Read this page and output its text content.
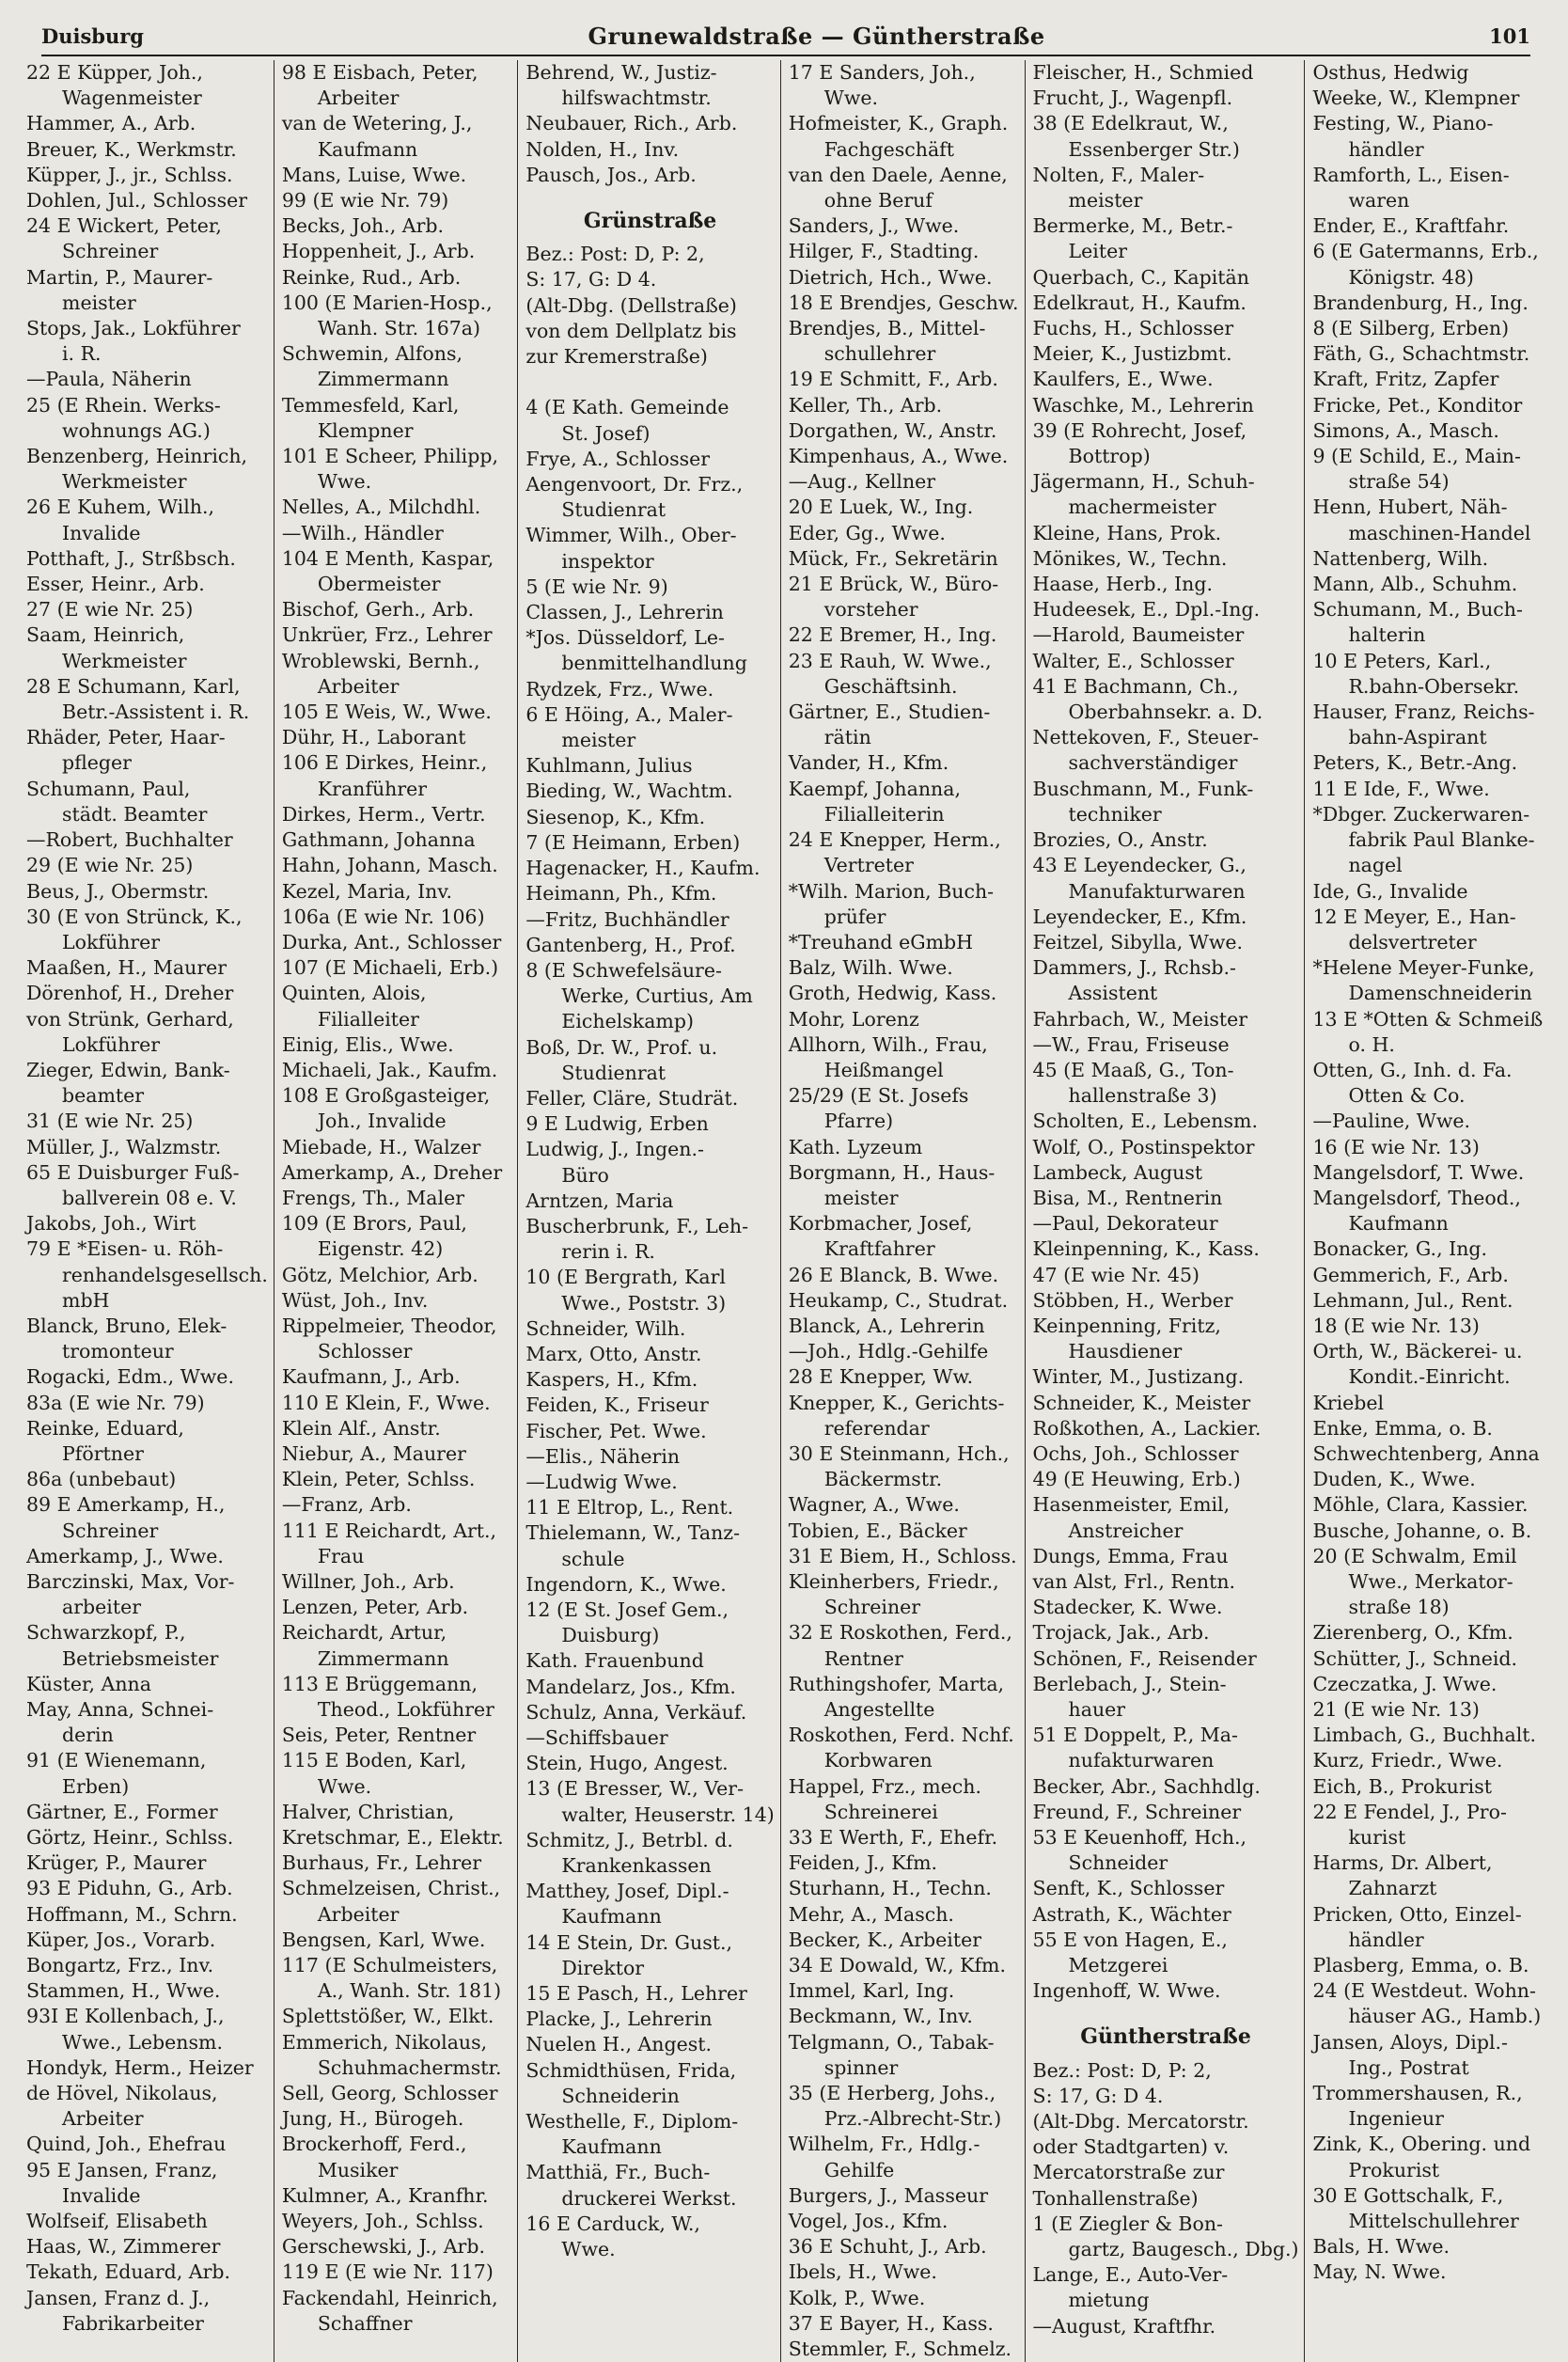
Duisburg	Grunewaldstraße — Güntherstraße	101
22 E Küpper, Joh.,
Wagenmeister
Hammer, A., Arb.
Breuer, K., Werkmstr.
Küpper, J., jr., Schlss.
Dohlen, Jul., Schlosser
24 E Wickert, Peter,
Schreiner
Martin, P., Maurer-
meister
Stops, Jak., Lokführer
i. R.
—Paula, Näherin
25 (E Rhein. Werks-
wohnungs AG.)
Benzenberg, Heinrich,
Werkmeister
26 E Kuhem, Wilh.,
Invalide
Potthaft, J., Strßbsch.
Esser, Heinr., Arb.
27 (E wie Nr. 25)
Saam, Heinrich,
Werkmeister
28 E Schumann, Karl,
Betr.-Assistent i. R.
Rhäder, Peter, Haar-
pfleger
Schumann, Paul,
städt. Beamter
—Robert, Buchhalter
29 (E wie Nr. 25)
Beus, J., Obermstr.
30 (E von Strünck, K.,
Lokführer
Maaßen, H., Maurer
Dörenhof, H., Dreher
von Strünk, Gerhard,
Lokführer
Zieger, Edwin, Bank-
beamter
31 (E wie Nr. 25)
Müller, J., Walzmstr.
65 E Duisburger Fuß-
ballverein 08 e. V.
Jakobs, Joh., Wirt
79 E *Eisen- u. Röh-
renhandelsgesellsch.
mbH
Blanck, Bruno, Elek-
tromonteur
Rogacki, Edm., Wwe.
83a (E wie Nr. 79)
Reinke, Eduard,
Pförtner
86a (unbebaut)
89 E Amerkamp, H.,
Schreiner
Amerkamp, J., Wwe.
Barczinski, Max, Vor-
arbeiter
Schwarzkopf, P.,
Betriebsmeister
Küster, Anna
May, Anna, Schnei-
derin
91 (E Wienemann,
Erben)
Gärtner, E., Former
Görtz, Heinr., Schlss.
Krüger, P., Maurer
93 E Piduhn, G., Arb.
Hoffmann, M., Schrn.
Küper, Jos., Vorarb.
Bongartz, Frz., Inv.
Stammen, H., Wwe.
93I E Kollenbach, J.,
Wwe., Lebensm.
Hondyk, Herm., Heizer
de Hövel, Nikolaus,
Arbeiter
Quind, Joh., Ehefrau
95 E Jansen, Franz,
Invalide
Wolfseif, Elisabeth
Haas, W., Zimmerer
Tekath, Eduard, Arb.
Jansen, Franz d. J.,
Fabrikarbeiter
98 E Eisbach, Peter,
Arbeiter
van de Wetering, J.,
Kaufmann
Mans, Luise, Wwe.
99 (E wie Nr. 79)
Becks, Joh., Arb.
Hoppenheit, J., Arb.
Reinke, Rud., Arb.
100 (E Marien-Hosp.,
Wanh. Str. 167a)
Schwemin, Alfons,
Zimmermann
Temmesfeld, Karl,
Klempner
101 E Scheer, Philipp,
Wwe.
Nelles, A., Milchdhl.
—Wilh., Händler
104 E Menth, Kaspar,
Obermeister
Bischof, Gerh., Arb.
Unkrüer, Frz., Lehrer
Wroblewski, Bernh.,
Arbeiter
105 E Weis, W., Wwe.
Dühr, H., Laborant
106 E Dirkes, Heinr.,
Kranführer
Dirkes, Herm., Vertr.
Gathmann, Johanna
Hahn, Johann, Masch.
Kezel, Maria, Inv.
106a (E wie Nr. 106)
Durka, Ant., Schlosser
107 (E Michaeli, Erb.)
Quinten, Alois,
Filialleiter
Einig, Elis., Wwe.
Michaeli, Jak., Kaufm.
108 E Großgasteiger,
Joh., Invalide
Miebade, H., Walzer
Amerkamp, A., Dreher
Frengs, Th., Maler
109 (E Brors, Paul,
Eigenstr. 42)
Götz, Melchior, Arb.
Wüst, Joh., Inv.
Rippelmeier, Theodor,
Schlosser
Kaufmann, J., Arb.
110 E Klein, F., Wwe.
Klein Alf., Anstr.
Niebur, A., Maurer
Klein, Peter, Schlss.
—Franz, Arb.
111 E Reichardt, Art.,
Frau
Willner, Joh., Arb.
Lenzen, Peter, Arb.
Reichardt, Artur,
Zimmermann
113 E Brüggemann,
Theod., Lokführer
Seis, Peter, Rentner
115 E Boden, Karl,
Wwe.
Halver, Christian,
Kretschmar, E., Elektr.
Burhaus, Fr., Lehrer
Schmelzeisen, Christ.,
Arbeiter
Bengsen, Karl, Wwe.
117 (E Schulmeisters,
A., Wanh. Str. 181)
Splettstößer, W., Elkt.
Emmerich, Nikolaus,
Schuhmachermstr.
Sell, Georg, Schlosser
Jung, H., Bürogeh.
Brockerhoff, Ferd.,
Musiker
Kulmner, A., Kranfhr.
Weyers, Joh., Schlss.
Gerschewski, J., Arb.
119 E (E wie Nr. 117)
Fackendahl, Heinrich,
Schaffner
Behrend, W., Justiz-
hilfswachtmstr.
Neubauer, Rich., Arb.
Nolden, H., Inv.
Pausch, Jos., Arb.
Grünstraße
Bez.: Post: D, P: 2,
S: 17, G: D 4.
(Alt-Dbg. (Dellstraße)
von dem Dellplatz bis
zur Kremerstraße)

4 (E Kath. Gemeinde
St. Josef)
Frye, A., Schlosser
Aengenvoort, Dr. Frz.,
Studienrat
Wimmer, Wilh., Ober-
inspektor
5 (E wie Nr. 9)
Classen, J., Lehrerin
*Jos. Düsseldorf, Le-
benmittelhandlung
Rydzek, Frz., Wwe.
6 E Höing, A., Maler-
meister
Kuhlmann, Julius
Bieding, W., Wachtm.
Siesenop, K., Kfm.
7 (E Heimann, Erben)
Hagenacker, H., Kaufm.
Heimann, Ph., Kfm.
—Fritz, Buchhändler
Gantenberg, H., Prof.
8 (E Schwefelsäure-
Werke, Curtius, Am
Eichelskamp)
Boß, Dr. W., Prof. u.
Studienrat
Feller, Cläre, Studrät.
9 E Ludwig, Erben
Ludwig, J., Ingen.-
Büro
Arntzen, Maria
Buscherbrunk, F., Leh-
rerin i. R.
10 (E Bergrath, Karl
Wwe., Poststr. 3)
Schneider, Wilh.
Marx, Otto, Anstr.
Kaspers, H., Kfm.
Feiden, K., Friseur
Fischer, Pet. Wwe.
—Elis., Näherin
—Ludwig Wwe.
11 E Eltrop, L., Rent.
Thielemann, W., Tanz-
schule
Ingendorn, K., Wwe.
12 (E St. Josef Gem.,
Duisburg)
Kath. Frauenbund
Mandelarz, Jos., Kfm.
Schulz, Anna, Verkäuf.
—Schiffsbauer
Stein, Hugo, Angest.
13 (E Bresser, W., Ver-
walter, Heuserstr. 14)
Schmitz, J., Betrbl. d.
Krankenkassen
Matthey, Josef, Dipl.-
Kaufmann
14 E Stein, Dr. Gust.,
Direktor
15 E Pasch, H., Lehrer
Placke, J., Lehrerin
Nuelen H., Angest.
Schmidthüsen, Frida,
Schneiderin
Westhelle, F., Diplom-
Kaufmann
Matthiä, Fr., Buch-
druckerei Werkst.
16 E Carduck, W.,
Wwe.
17 E Sanders, Joh.,
Wwe.
Hofmeister, K., Graph.
Fachgeschäft
van den Daele, Aenne,
ohne Beruf
Sanders, J., Wwe.
Hilger, F., Stadting.
Dietrich, Hch., Wwe.
18 E Brendjes, Geschw.
Brendjes, B., Mittel-
schullehrer
19 E Schmitt, F., Arb.
Keller, Th., Arb.
Dorgathen, W., Anstr.
Kimpenhaus, A., Wwe.
—Aug., Kellner
20 E Luek, W., Ing.
Eder, Gg., Wwe.
Mück, Fr., Sekretärin
21 E Brück, W., Büro-
vorsteher
22 E Bremer, H., Ing.
23 E Rauh, W. Wwe.,
Geschäftsinh.
Gärtner, E., Studien-
rätin
Vander, H., Kfm.
Kaempf, Johanna,
Filialleiterin
24 E Knepper, Herm.,
Vertreter
*Wilh. Marion, Buch-
prüfer
*Treuhand eGmbH
Balz, Wilh. Wwe.
Groth, Hedwig, Kass.
Mohr, Lorenz
Allhorn, Wilh., Frau,
Heißmangel
25/29 (E St. Josefs
Pfarre)
Kath. Lyzeum
Borgmann, H., Haus-
meister
Korbmacher, Josef,
Kraftfahrer
26 E Blanck, B. Wwe.
Heukamp, C., Studrat.
Blanck, A., Lehrerin
—Joh., Hdlg.-Gehilfe
28 E Knepper, Ww.
Knepper, K., Gerichts-
referendar
30 E Steinmann, Hch.,
Bäckermstr.
Wagner, A., Wwe.
Tobien, E., Bäcker
31 E Biem, H., Schloss.
Kleinherbers, Friedr.,
Schreiner
32 E Roskothen, Ferd.,
Rentner
Ruthingshofer, Marta,
Angestellte
Roskothen, Ferd. Nchf.
Korbwaren
Happel, Frz., mech.
Schreinerei
33 E Werth, F., Ehefr.
Feiden, J., Kfm.
Sturhann, H., Techn.
Mehr, A., Masch.
Becker, K., Arbeiter
34 E Dowald, W., Kfm.
Immel, Karl, Ing.
Beckmann, W., Inv.
Telgmann, O., Tabak-
spinner
35 (E Herberg, Johs.,
Prz.-Albrecht-Str.)
Wilhelm, Fr., Hdlg.-
Gehilfe
Burgers, J., Masseur
Vogel, Jos., Kfm.
36 E Schuht, J., Arb.
Ibels, H., Wwe.
Kolk, P., Wwe.
37 E Bayer, H., Kass.
Stemmler, F., Schmelz.
Fleischer, H., Schmied
Frucht, J., Wagenpfl.
38 (E Edelkraut, W.,
Essenberger Str.)
Nolten, F., Maler-
meister
Bermerke, M., Betr.-
Leiter
Querbach, C., Kapitän
Edelkraut, H., Kaufm.
Fuchs, H., Schlosser
Meier, K., Justizbmt.
Kaulfers, E., Wwe.
Waschke, M., Lehrerin
39 (E Rohrecht, Josef,
Bottrop)
Jägermann, H., Schuh-
machermeister
Kleine, Hans, Prok.
Mönikes, W., Techn.
Haase, Herb., Ing.
Hudeesek, E., Dpl.-Ing.
—Harold, Baumeister
Walter, E., Schlosser
41 E Bachmann, Ch.,
Oberbahnsekr. a. D.
Nettekoven, F., Steuer-
sachverständiger
Buschmann, M., Funk-
techniker
Brozies, O., Anstr.
43 E Leyendecker, G.,
Manufakturwaren
Leyendecker, E., Kfm.
Feitzel, Sibylla, Wwe.
Dammers, J., Rchsb.-
Assistent
Fahrbach, W., Meister
—W., Frau, Friseuse
45 (E Maaß, G., Ton-
hallenstraße 3)
Scholten, E., Lebensm.
Wolf, O., Postinspektor
Lambeck, August
Bisa, M., Rentnerin
—Paul, Dekorateur
Kleinpenning, K., Kass.
47 (E wie Nr. 45)
Stöbben, H., Werber
Keinpenning, Fritz,
Hausdiener
Winter, M., Justizang.
Schneider, K., Meister
Roßkothen, A., Lackier.
Ochs, Joh., Schlosser
49 (E Heuwing, Erb.)
Hasenmeister, Emil,
Anstreicher
Dungs, Emma, Frau
van Alst, Frl., Rentn.
Stadecker, K. Wwe.
Trojack, Jak., Arb.
Schönen, F., Reisender
Berlebach, J., Stein-
hauer
51 E Doppelt, P., Ma-
nufakturwaren
Becker, Abr., Sachhdlg.
Freund, F., Schreiner
53 E Keuenhoff, Hch.,
Schneider
Senft, K., Schlosser
Astrath, K., Wächter
55 E von Hagen, E.,
Metzgerei
Ingenhoff, W. Wwe.
Güntherstraße
Bez.: Post: D, P: 2,
S: 17, G: D 4.
(Alt-Dbg. Mercatorstr.
oder Stadtgarten) v.
Mercatorstraße zur
Tonhallenstraße)
1 (E Ziegler & Bon-
gartz, Baugesch., Dbg.)
Lange, E., Auto-Ver-
mietung
—August, Kraftfhr.
Osthus, Hedwig
Weeke, W., Klempner
Festing, W., Piano-
händler
Ramforth, L., Eisen-
waren
Ender, E., Kraftfahr.
6 (E Gatermanns, Erb.,
Königstr. 48)
Brandenburg, H., Ing.
8 (E Silberg, Erben)
Fäth, G., Schachtmstr.
Kraft, Fritz, Zapfer
Fricke, Pet., Konditor
Simons, A., Masch.
9 (E Schild, E., Main-
straße 54)
Henn, Hubert, Näh-
maschinen-Handel
Nattenberg, Wilh.
Mann, Alb., Schuhm.
Schumann, M., Buch-
halterin
10 E Peters, Karl.,
R.bahn-Obersekr.
Hauser, Franz, Reichs-
bahn-Aspirant
Peters, K., Betr.-Ang.
11 E Ide, F., Wwe.
*Dbger. Zuckerwaren-
fabrik Paul Blanke-
nagel
Ide, G., Invalide
12 E Meyer, E., Han-
delsvertreter
*Helene Meyer-Funke,
Damenschneiderin
13 E *Otten & Schmeiß
o. H.
Otten, G., Inh. d. Fa.
Otten & Co.
—Pauline, Wwe.
16 (E wie Nr. 13)
Mangelsdorf, T. Wwe.
Mangelsdorf, Theod.,
Kaufmann
Bonacker, G., Ing.
Gemmerich, F., Arb.
Lehmann, Jul., Rent.
18 (E wie Nr. 13)
Orth, W., Bäckerei- u.
Kondit.-Einricht.
Kriebel
Enke, Emma, o. B.
Schwechtenberg, Anna
Duden, K., Wwe.
Möhle, Clara, Kassier.
Busche, Johanne, o. B.
20 (E Schwalm, Emil
Wwe., Merkator-
straße 18)
Zierenberg, O., Kfm.
Schütter, J., Schneid.
Czeczatka, J. Wwe.
21 (E wie Nr. 13)
Limbach, G., Buchhalt.
Kurz, Friedr., Wwe.
Eich, B., Prokurist
22 E Fendel, J., Pro-
kurist
Harms, Dr. Albert,
Zahnarzt
Pricken, Otto, Einzel-
händler
Plasberg, Emma, o. B.
24 (E Westdeut. Wohn-
häuser AG., Hamb.)
Jansen, Aloys, Dipl.-
Ing., Postrat
Trommershausen, R.,
Ingenieur
Zink, K., Obering. und
Prokurist
30 E Gottschalk, F.,
Mittelschullehrer
Bals, H. Wwe.
May, N. Wwe.
